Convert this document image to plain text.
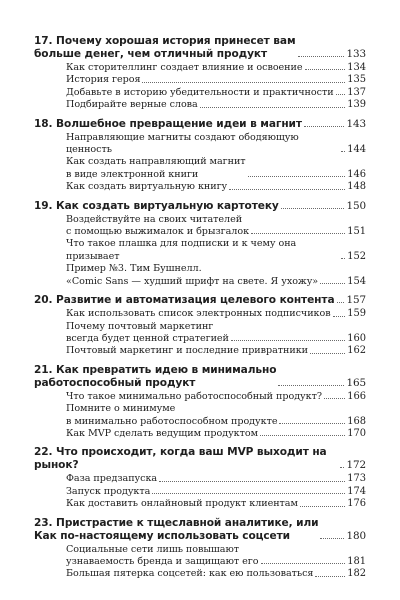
17. Почему хорошая история принесет вам
больше денег, чем отличный продукт	133
Как сторителлинг создает влияние и освоение	134
История героя	135
Добавьте в историю убедительности и практичности 137
Подбирайте верные слова	139
18. Волшебное превращение идеи в магнит	143
Направляющие магниты создают ободяющую ценность	144
Как создать направляющий магнит
в виде электронной книги	146
Как создать виртуальную книгу	148
19. Как создать виртуальную картотеку	150
Воздействуйте на своих читателей
с помощью выжималок и брызгалок	151
Что такое плашка для подписки и к чему она призывает	152
Пример №3. Тим Бушнелл.
«Comic Sans — худший шрифт на свете. Я ухожу»	154
20. Развитие и автоматизация целевого контента 157
Как использовать список электронных подписчиков 159
Почему почтовый маркетинг
всегда будет ценной стратегией	160
Почтовый маркетинг и последние привратники	162
21. Как превратить идею в минимально
работоспособный продукт	165
Что такое минимально работоспособный продукт?	166
Помните о минимуме
в минимально работоспособном продукте	168
Как MVP сделать ведущим продуктом	170
22. Что происходит, когда ваш MVP выходит на рынок?	172
Фаза предзапуска	173
Запуск продукта	174
Как доставить онлайновый продукт клиентам	176
23. Пристрастие к тщеславной аналитике, или
Как по-настоящему использовать соцсети	180
Социальные сети лишь повышают
узнаваемость бренда и защищают его	181
Большая пятерка соцсетей: как ею пользоваться	182
